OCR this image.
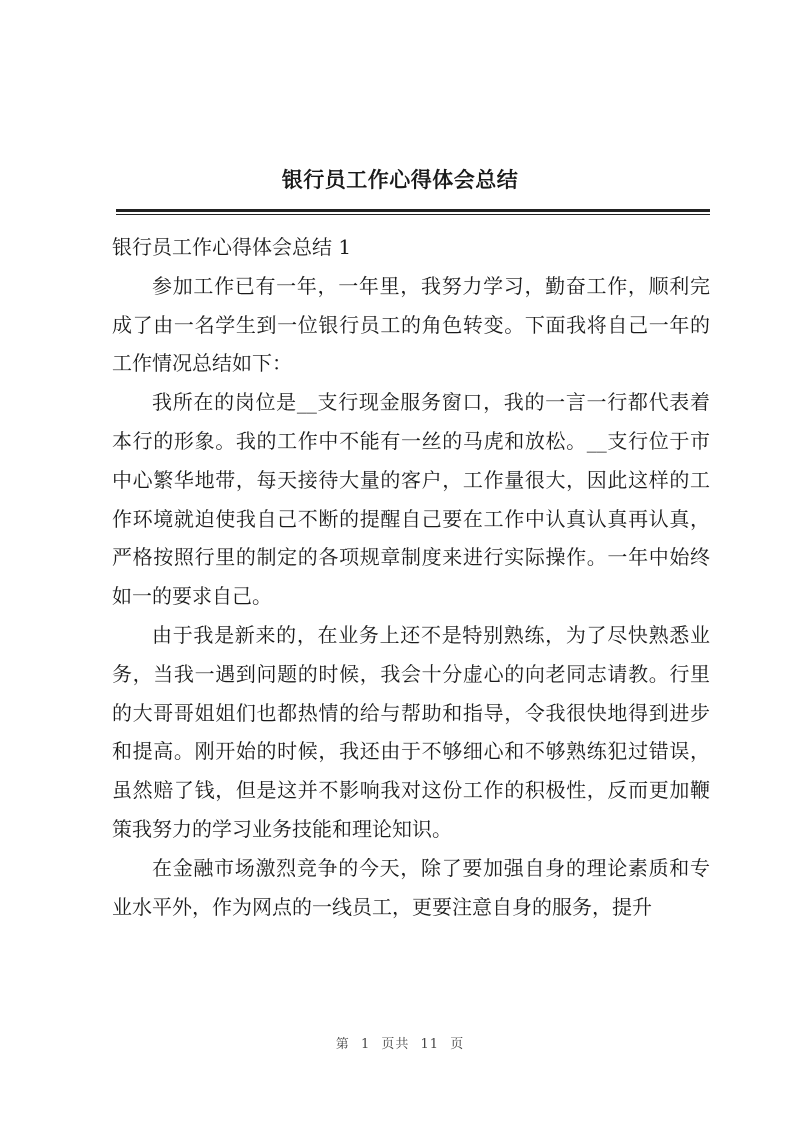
银行员工作心得体会总结

银行员工作心得体会总结 1

参加工作已有一年，一年里，我努力学习，勤奋工作，顺利完成了由一名学生到一位银行员工的角色转变。下面我将自己一年的工作情况总结如下：

我所在的岗位是__支行现金服务窗口，我的一言一行都代表着本行的形象。我的工作中不能有一丝的马虎和放松。__支行位于市中心繁华地带，每天接待大量的客户，工作量很大，因此这样的工作环境就迫使我自己不断的提醒自己要在工作中认真认真再认真，严格按照行里的制定的各项规章制度来进行实际操作。一年中始终如一的要求自己。

由于我是新来的，在业务上还不是特别熟练，为了尽快熟悉业务，当我一遇到问题的时候，我会十分虚心的向老同志请教。行里的大哥哥姐姐们也都热情的给与帮助和指导，令我很快地得到进步和提高。刚开始的时候，我还由于不够细心和不够熟练犯过错误，虽然赔了钱，但是这并不影响我对这份工作的积极性，反而更加鞭策我努力的学习业务技能和理论知识。

在金融市场激烈竞争的今天，除了要加强自身的理论素质和专业水平外，作为网点的一线员工，更要注意自身的服务，提升

第 1 页共 11 页
